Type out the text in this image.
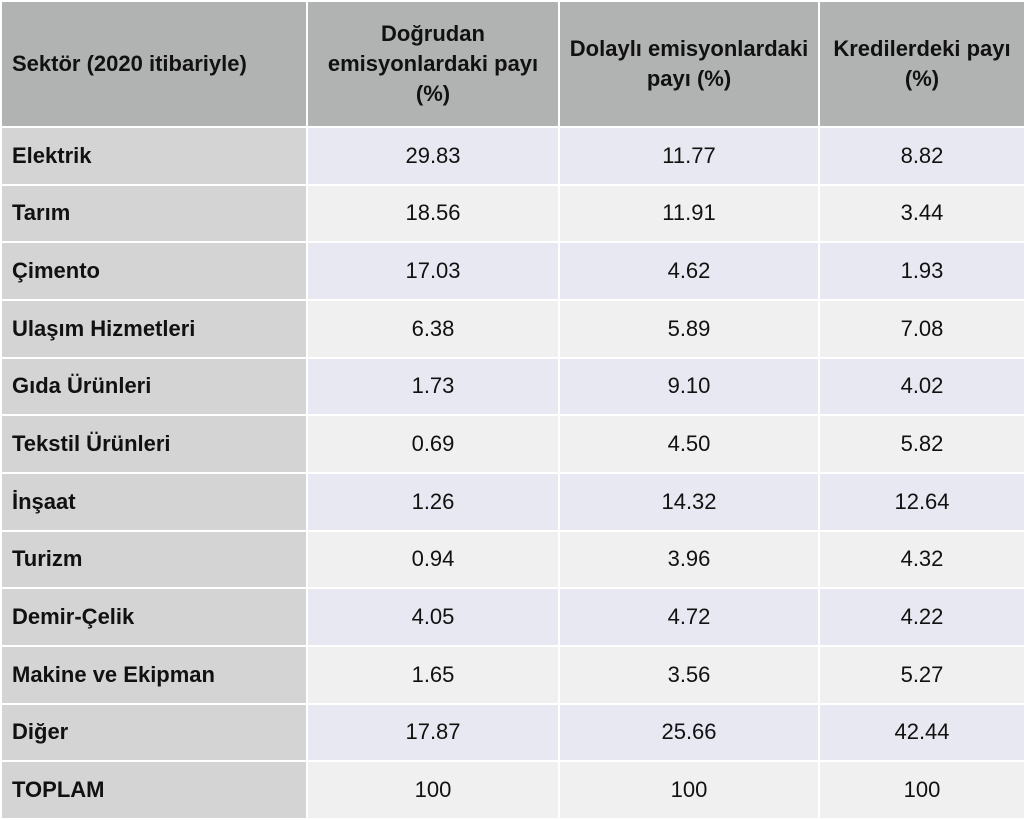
Sektör (2020 itibariyle)	Doğrudan emisyonlardaki payı (%)	Dolaylı emisyonlardaki payı (%)	Kredilerdeki payı (%)
Elektrik	29.83	11.77	8.82
Tarım	18.56	11.91	3.44
Çimento	17.03	4.62	1.93
Ulaşım Hizmetleri	6.38	5.89	7.08
Gıda Ürünleri	1.73	9.10	4.02
Tekstil Ürünleri	0.69	4.50	5.82
İnşaat	1.26	14.32	12.64
Turizm	0.94	3.96	4.32
Demir-Çelik	4.05	4.72	4.22
Makine ve Ekipman	1.65	3.56	5.27
Diğer	17.87	25.66	42.44
TOPLAM	100	100	100
